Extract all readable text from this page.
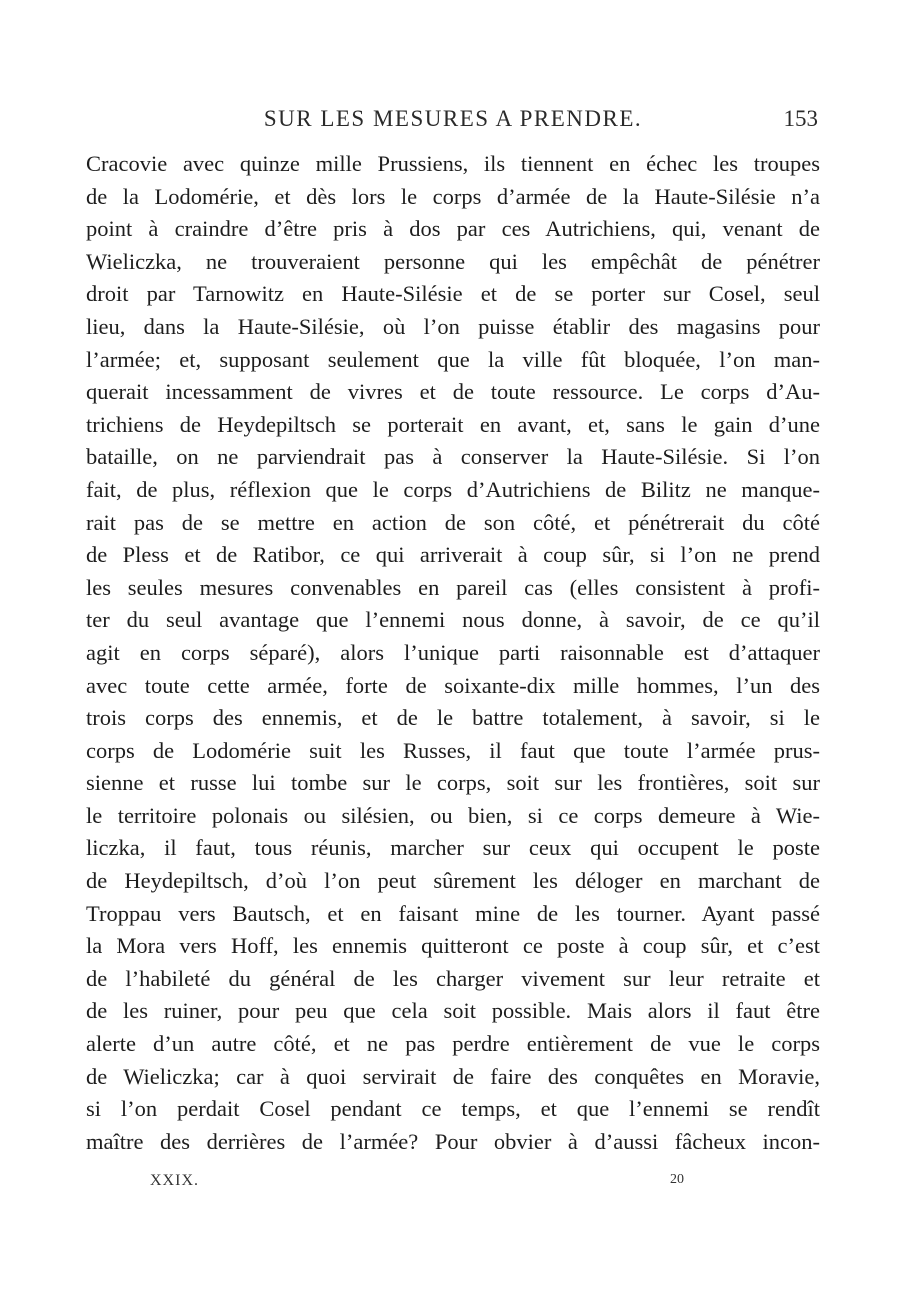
SUR LES MESURES A PRENDRE.	153
Cracovie avec quinze mille Prussiens, ils tiennent en échec les troupes
de la Lodomérie, et dès lors le corps d’armée de la Haute-Silésie n’a
point à craindre d’être pris à dos par ces Autrichiens, qui, venant de
Wieliczka, ne trouveraient personne qui les empêchât de pénétrer
droit par Tarnowitz en Haute-Silésie et de se porter sur Cosel, seul
lieu, dans la Haute-Silésie, où l’on puisse établir des magasins pour
l’armée; et, supposant seulement que la ville fût bloquée, l’on man-
querait incessamment de vivres et de toute ressource. Le corps d’Au-
trichiens de Heydepiltsch se porterait en avant, et, sans le gain d’une
bataille, on ne parviendrait pas à conserver la Haute-Silésie. Si l’on
fait, de plus, réflexion que le corps d’Autrichiens de Bilitz ne manque-
rait pas de se mettre en action de son côté, et pénétrerait du côté
de Pless et de Ratibor, ce qui arriverait à coup sûr, si l’on ne prend
les seules mesures convenables en pareil cas (elles consistent à profi-
ter du seul avantage que l’ennemi nous donne, à savoir, de ce qu’il
agit en corps séparé), alors l’unique parti raisonnable est d’attaquer
avec toute cette armée, forte de soixante-dix mille hommes, l’un des
trois corps des ennemis, et de le battre totalement, à savoir, si le
corps de Lodomérie suit les Russes, il faut que toute l’armée prus-
sienne et russe lui tombe sur le corps, soit sur les frontières, soit sur
le territoire polonais ou silésien, ou bien, si ce corps demeure à Wie-
liczka, il faut, tous réunis, marcher sur ceux qui occupent le poste
de Heydepiltsch, d’où l’on peut sûrement les déloger en marchant de
Troppau vers Bautsch, et en faisant mine de les tourner. Ayant passé
la Mora vers Hoff, les ennemis quitteront ce poste à coup sûr, et c’est
de l’habileté du général de les charger vivement sur leur retraite et
de les ruiner, pour peu que cela soit possible. Mais alors il faut être
alerte d’un autre côté, et ne pas perdre entièrement de vue le corps
de Wieliczka; car à quoi servirait de faire des conquêtes en Moravie,
si l’on perdait Cosel pendant ce temps, et que l’ennemi se rendît
maître des derrières de l’armée? Pour obvier à d’aussi fâcheux incon-
XXIX.	20
